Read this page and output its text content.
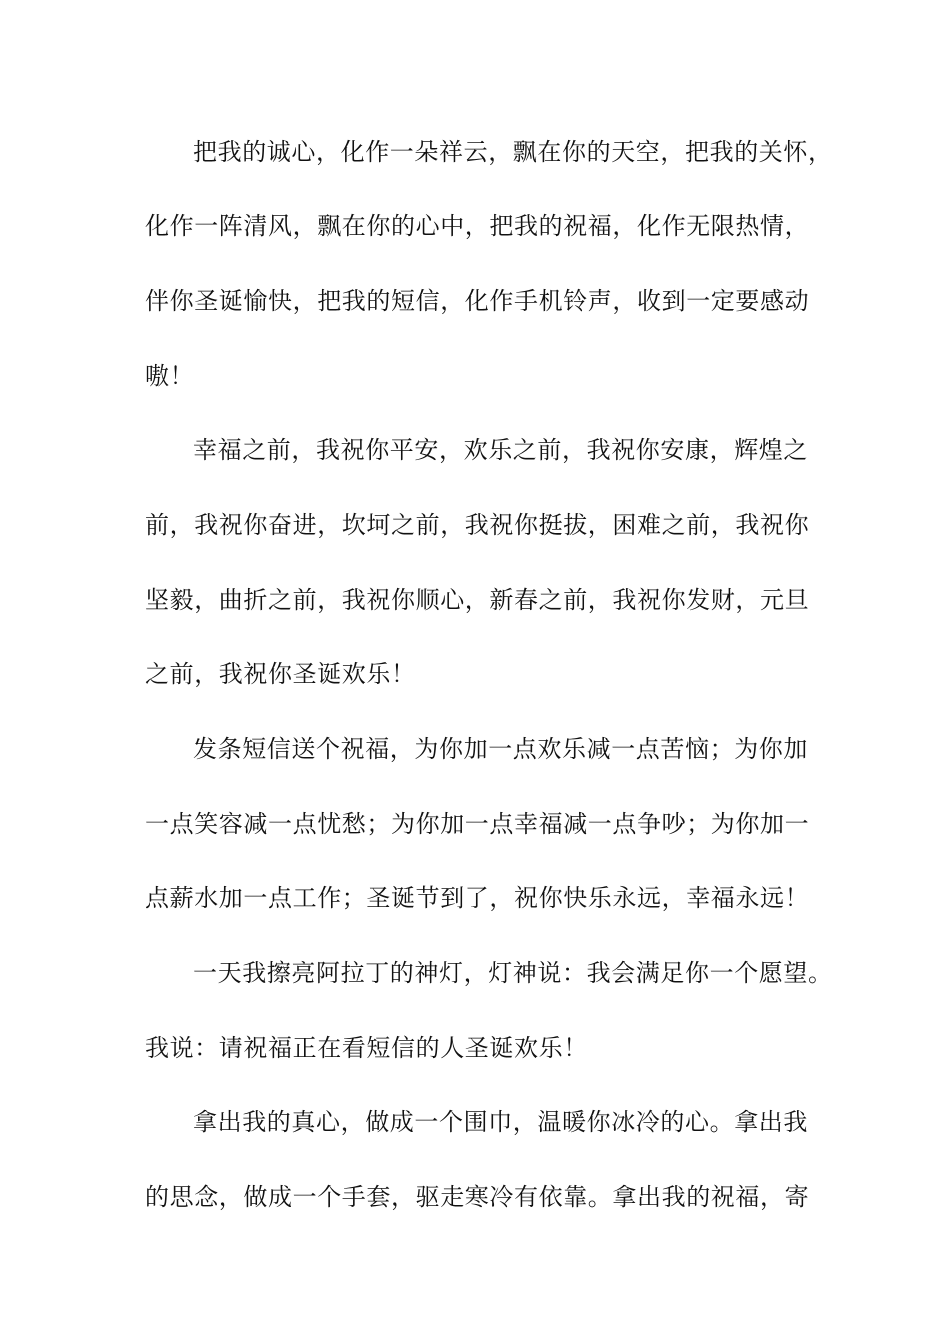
把我的诚心，化作一朵祥云，飘在你的天空，把我的关怀，
化作一阵清风，飘在你的心中，把我的祝福，化作无限热情，
伴你圣诞愉快，把我的短信，化作手机铃声，收到一定要感动
嗷！
幸福之前，我祝你平安，欢乐之前，我祝你安康，辉煌之
前，我祝你奋进，坎坷之前，我祝你挺拔，困难之前，我祝你
坚毅，曲折之前，我祝你顺心，新春之前，我祝你发财，元旦
之前，我祝你圣诞欢乐！
发条短信送个祝福，为你加一点欢乐减一点苦恼；为你加
一点笑容减一点忧愁；为你加一点幸福减一点争吵；为你加一
点薪水加一点工作；圣诞节到了，祝你快乐永远，幸福永远！
一天我擦亮阿拉丁的神灯，灯神说：我会满足你一个愿望。
我说：请祝福正在看短信的人圣诞欢乐！
拿出我的真心，做成一个围巾，温暖你冰冷的心。拿出我
的思念，做成一个手套，驱走寒冷有依靠。拿出我的祝福，寄
